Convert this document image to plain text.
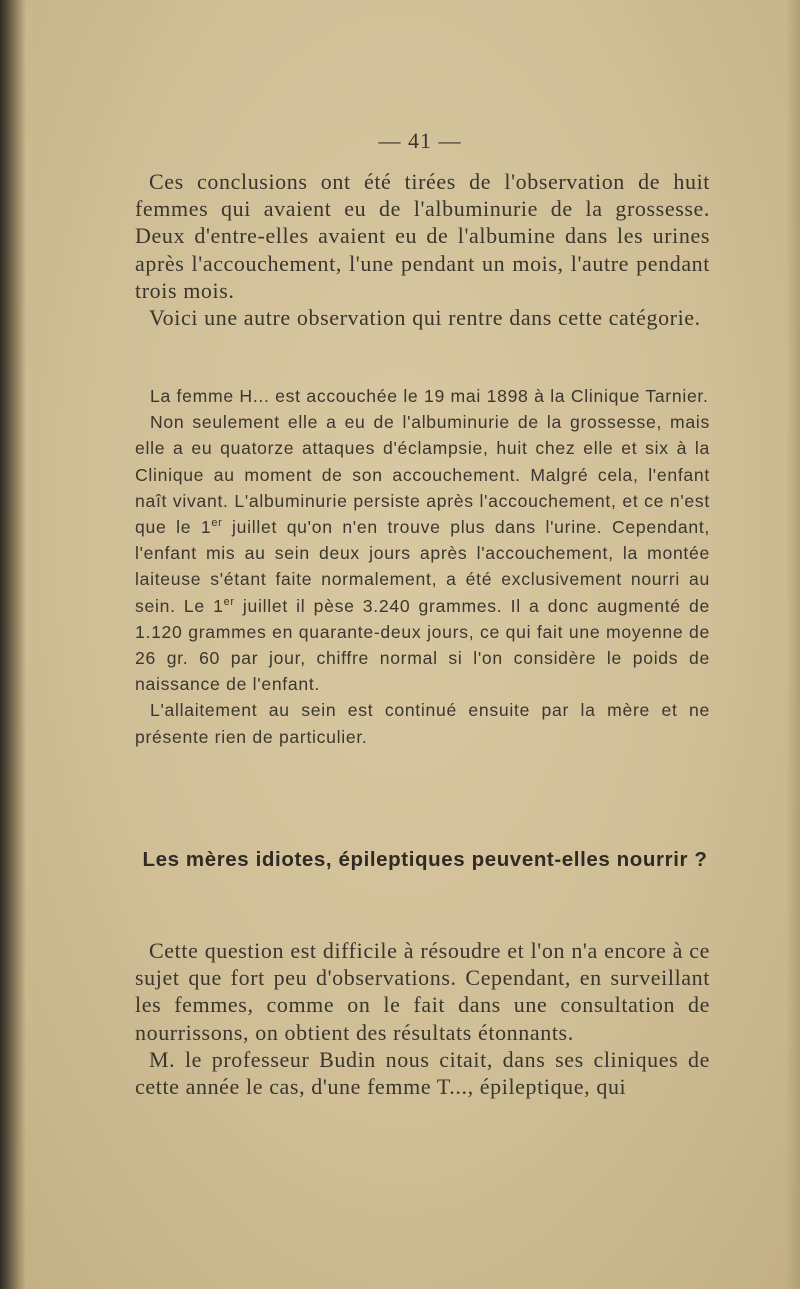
— 41 —

Ces conclusions ont été tirées de l'observation de huit femmes qui avaient eu de l'albuminurie de la grossesse. Deux d'entre-elles avaient eu de l'albumine dans les urines après l'accouchement, l'une pendant un mois, l'autre pendant trois mois.

Voici une autre observation qui rentre dans cette catégorie.

La femme H... est accouchée le 19 mai 1898 à la Clinique Tarnier.

Non seulement elle a eu de l'albuminurie de la grossesse, mais elle a eu quatorze attaques d'éclampsie, huit chez elle et six à la Clinique au moment de son accouchement. Malgré cela, l'enfant naît vivant. L'albuminurie persiste après l'accouchement, et ce n'est que le 1er juillet qu'on n'en trouve plus dans l'urine. Cependant, l'enfant mis au sein deux jours après l'accouchement, la montée laiteuse s'étant faite normalement, a été exclusivement nourri au sein. Le 1er juillet il pèse 3.240 grammes. Il a donc augmenté de 1.120 grammes en quarante-deux jours, ce qui fait une moyenne de 26 gr. 60 par jour, chiffre normal si l'on considère le poids de naissance de l'enfant.

L'allaitement au sein est continué ensuite par la mère et ne présente rien de particulier.

Les mères idiotes, épileptiques peuvent-elles nourrir ?

Cette question est difficile à résoudre et l'on n'a encore à ce sujet que fort peu d'observations. Cependant, en surveillant les femmes, comme on le fait dans une consultation de nourrissons, on obtient des résultats étonnants.

M. le professeur Budin nous citait, dans ses cliniques de cette année le cas, d'une femme T..., épileptique, qui
